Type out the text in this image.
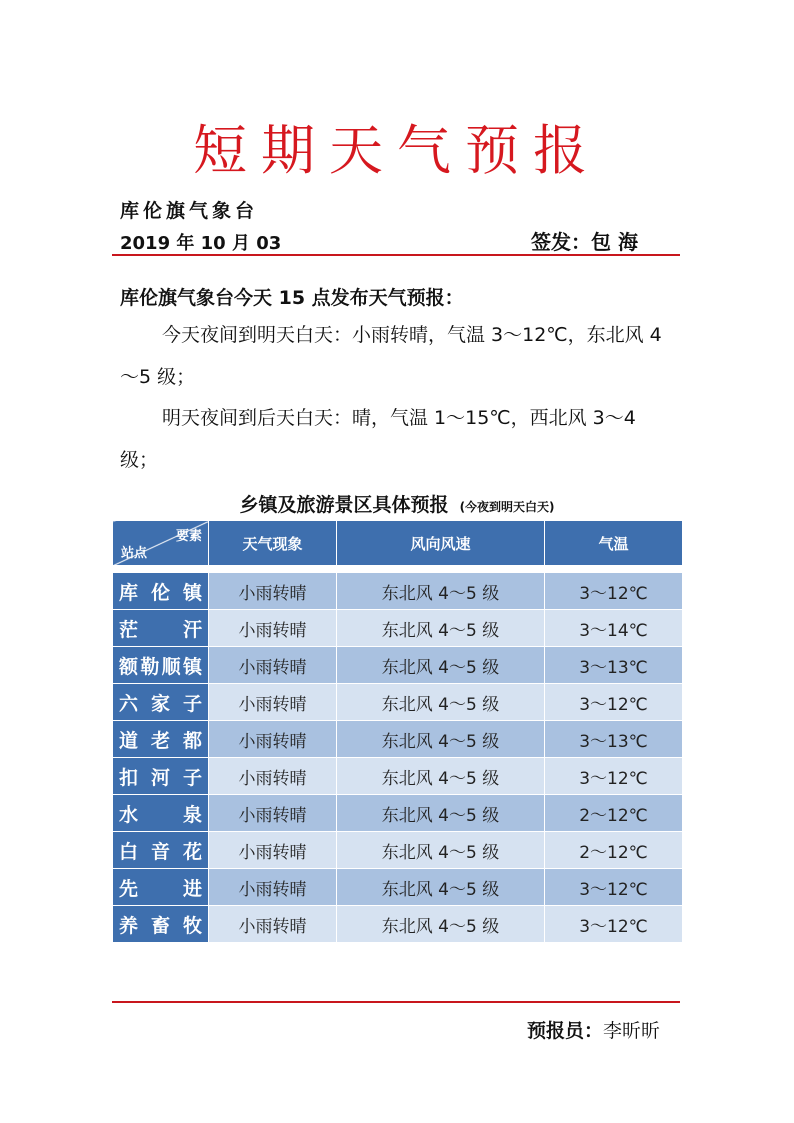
短期天气预报
库伦旗气象台
2019 年 10 月 03	签发：包 海
库伦旗气象台今天 15 点发布天气预报：

今天夜间到明天白天：小雨转晴，气温 3～12℃，东北风 4～5 级；

明天夜间到后天白天：晴，气温 1～15℃，西北风 3～4 级；

乡镇及旅游景区具体预报 (今夜到明天白天)
要素
站点	天气现象	风向风速	气温

库伦镇	小雨转晴	东北风 4～5 级	3～12℃

茫汗	小雨转晴	东北风 4～5 级	3～14℃

额勒顺镇	小雨转晴	东北风 4～5 级	3～13℃

六家子	小雨转晴	东北风 4～5 级	3～12℃

道老都	小雨转晴	东北风 4～5 级	3～13℃

扣河子	小雨转晴	东北风 4～5 级	3～12℃

水泉	小雨转晴	东北风 4～5 级	2～12℃

白音花	小雨转晴	东北风 4～5 级	2～12℃

先进	小雨转晴	东北风 4～5 级	3～12℃

养畜牧	小雨转晴	东北风 4～5 级	3～12℃
预报员：李昕昕
